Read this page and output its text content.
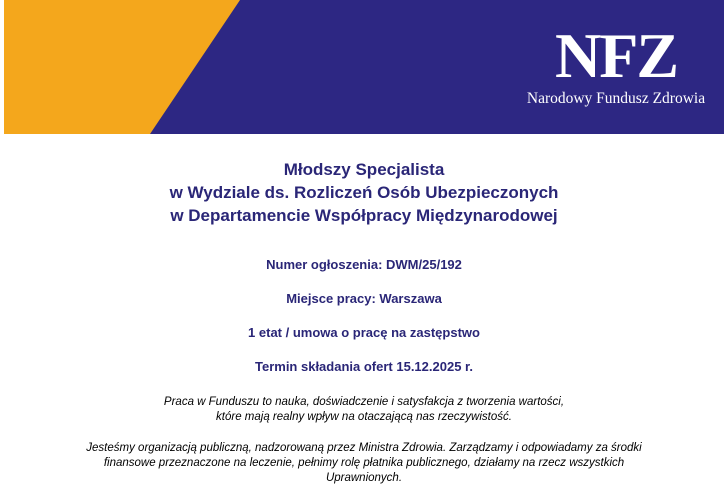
NFZ
Narodowy Fundusz Zdrowia
Młodszy Specjalista
w Wydziale ds. Rozliczeń Osób Ubezpieczonych
w Departamencie Współpracy Międzynarodowej

Numer ogłoszenia: DWM/25/192

Miejsce pracy: Warszawa

1 etat / umowa o pracę na zastępstwo

Termin składania ofert 15.12.2025 r.

Praca w Funduszu to nauka, doświadczenie i satysfakcja z tworzenia wartości,
które mają realny wpływ na otaczającą nas rzeczywistość.
Jesteśmy organizacją publiczną, nadzorowaną przez Ministra Zdrowia. Zarządzamy i odpowiadamy za środki
finansowe przeznaczone na leczenie, pełnimy rolę płatnika publicznego, działamy na rzecz wszystkich
Uprawnionych.
